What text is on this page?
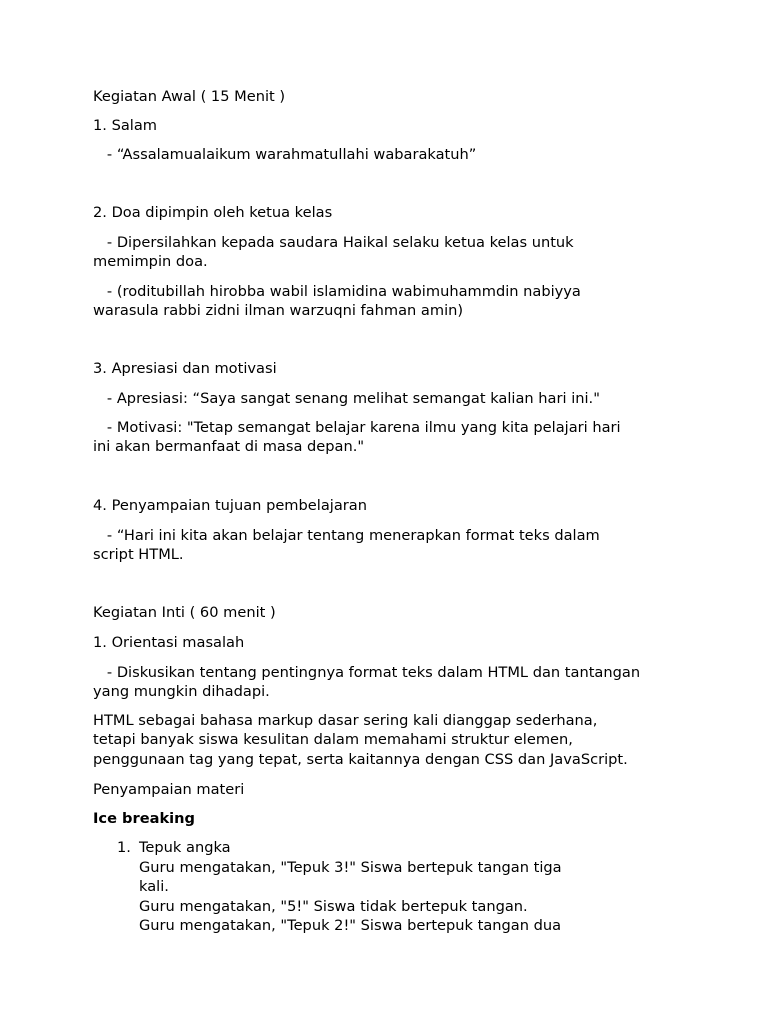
Kegiatan Awal ( 15 Menit )
1. Salam
- “Assalamualaikum warahmatullahi wabarakatuh”
2. Doa dipimpin oleh ketua kelas
- Dipersilahkan kepada saudara Haikal selaku ketua kelas untuk
memimpin doa.
- (roditubillah hirobba wabil islamidina wabimuhammdin nabiyya
warasula rabbi zidni ilman warzuqni fahman amin)
3. Apresiasi dan motivasi
- Apresiasi: “Saya sangat senang melihat semangat kalian hari ini."
- Motivasi: "Tetap semangat belajar karena ilmu yang kita pelajari hari
ini akan bermanfaat di masa depan."
4. Penyampaian tujuan pembelajaran
- “Hari ini kita akan belajar tentang menerapkan format teks dalam
script HTML.
Kegiatan Inti ( 60 menit )
1. Orientasi masalah
- Diskusikan tentang pentingnya format teks dalam HTML dan tantangan
yang mungkin dihadapi.
HTML sebagai bahasa markup dasar sering kali dianggap sederhana,
tetapi banyak siswa kesulitan dalam memahami struktur elemen,
penggunaan tag yang tepat, serta kaitannya dengan CSS dan JavaScript.
Penyampaian materi
Ice breaking
1. Tepuk angka
Guru mengatakan, "Tepuk 3!" Siswa bertepuk tangan tiga
kali.
Guru mengatakan, "5!" Siswa tidak bertepuk tangan.
Guru mengatakan, "Tepuk 2!" Siswa bertepuk tangan dua
